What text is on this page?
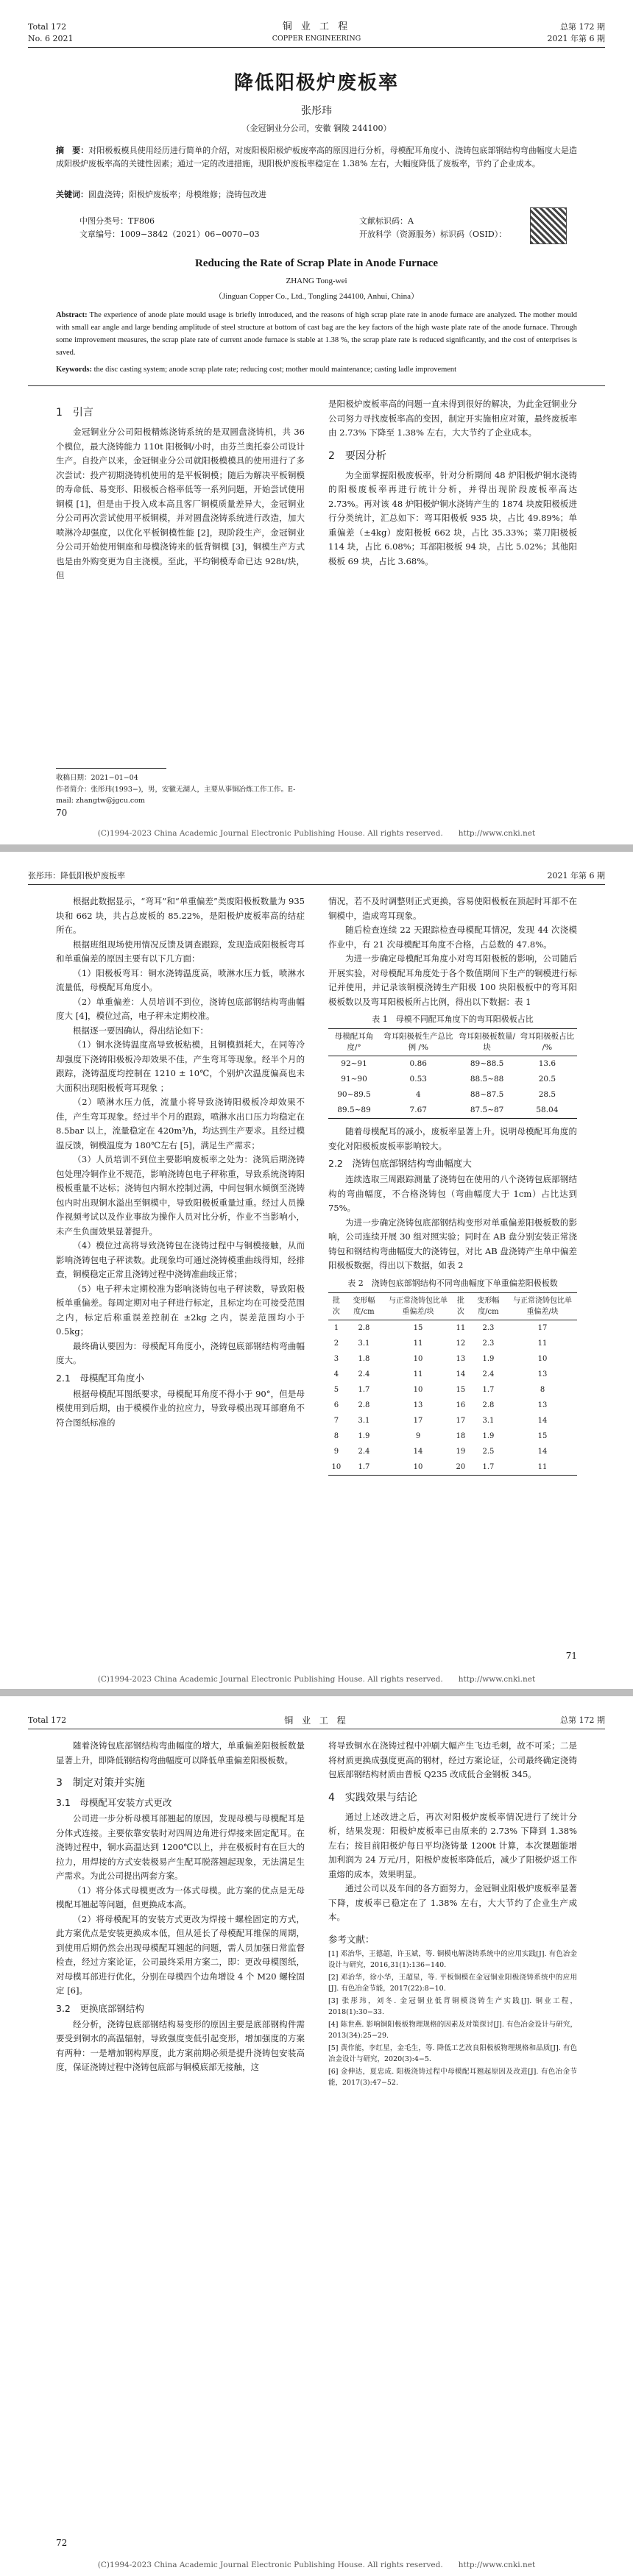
Total 172	铜 业 工 程	总第 172 期
No. 6 2021	COPPER ENGINEERING	2021 年第 6 期
降低阳极炉废板率
张彤玮
（金冠铜业分公司，安徽 铜陵 244100）
摘　要：对阳极板模具使用经历进行简单的介绍，对废阳极阳极炉板废率高的原因进行分析，母模配耳角度小、浇铸包底部钢结构弯曲幅度大是造成阳极炉废板率高的关键性因素；通过一定的改进措施，现阳极炉废板率稳定在 1.38% 左右，大幅度降低了废板率，节约了企业成本。
关键词：圆盘浇铸；阳极炉废板率；母模维修；浇铸包改进
中图分类号：TF806
文章编号：1009−3842（2021）06−0070−03
文献标识码：A
开放科学（资源服务）标识码（OSID）：
Reducing the Rate of Scrap Plate in Anode Furnace
ZHANG Tong-wei
（Jinguan Copper Co., Ltd., Tongling 244100, Anhui, China）
Abstract: The experience of anode plate mould usage is briefly introduced, and the reasons of high scrap plate rate in anode furnace are analyzed. The mother mould with small ear angle and large bending amplitude of steel structure at bottom of cast bag are the key factors of the high waste plate rate of the anode furnace. Through some improvement measures, the scrap plate rate of current anode furnace is stable at 1.38 %, the scrap plate rate is reduced significantly, and the cost of enterprises is saved.
Keywords: the disc casting system; anode scrap plate rate; reducing cost; mother mould maintenance; casting ladle improvement
1　引言

金冠铜业分公司阳极精炼浇铸系统的是双圆盘浇铸机，共 36 个模位，最大浇铸能力 110t 阳极铜/小时，由芬兰奥托泰公司设计生产。自投产以来，金冠铜业分公司就阳极模模具的使用进行了多次尝试：投产初期浇铸机使用的是平板铜模；随后为解决平板铜模的寿命低、易变形、阳极板合格率低等一系列问题，开始尝试使用铜模 [1]，但是由于投入成本高且客厂铜模质量差异大，金冠铜业分公司再次尝试使用平板铜模，并对圆盘浇铸系统进行改造，加大喷淋冷却强度，以优化平板铜模性能 [2]，现阶段生产，金冠铜业分公司开始使用铜座和母模浇铸来的低背铜模 [3]，铜模生产方式也是由外购变更为自主浇模。至此，平均铜模寿命已达 928t/块，但

是阳极炉废板率高的问题一直未得到很好的解决，为此金冠铜业分公司努力寻找废板率高的变因，制定开实施相应对策，最终废板率由 2.73% 下降至 1.38% 左右，大大节约了企业成本。

2　要因分析

为全面掌握阳极废板率，针对分析期间 48 炉阳极炉铜水浇铸的阳极废板率再进行统计分析，并得出现阶段废板率高达 2.73%。再对该 48 炉阳极炉铜水浇铸产生的 1874 块废阳极板进行分类统计，汇总如下：弯耳阳极板 935 块，占比 49.89%；单重偏差（±4kg）废阳极板 662 块，占比 35.33%；菜刀阳极板 114 块，占比 6.08%；耳部阳极板 94 块，占比 5.02%；其他阳极板 69 块，占比 3.68%。

收稿日期：2021−01−04
作者简介：张彤玮(1993−)，男，安徽无湖人，主要从事铜冶炼工作工作。E-mail: zhangtw@jgcu.com
70
(C)1994-2023 China Academic Journal Electronic Publishing House. All rights reserved.　　http://www.cnki.net
张彤玮：降低阳极炉废板率	2021 年第 6 期

根据此数据显示，“弯耳”和“单重偏差”类废阳极板数量为 935 块和 662 块，共占总废板的 85.22%，是阳极炉废板率高的结症所在。

根据班组现场使用情况反馈及调查跟踪，发现造成阳极板弯耳和单重偏差的原因主要有以下几方面：

（1）阳极板弯耳：铜水浇铸温度高，喷淋水压力低，喷淋水流量低，母模配耳角度小。

（2）单重偏差：人员培训不到位，浇铸包底部钢结构弯曲幅度大 [4]，模位过高，电子秤未定期校准。

根据逐一要因确认，得出结论如下：

（1）铜水浇铸温度高导致板粘模，且铜模损耗大，在同等冷却强度下浇铸阳极板冷却效果不佳，产生弯耳等现象。经半个月的跟踪，浇铸温度均控制在 1210 ± 10℃，个别炉次温度偏高也未大面积出现阳极板弯耳现象 ；

（2）喷淋水压力低，流量小将导致浇铸阳极板冷却效果不佳，产生弯耳现象。经过半个月的跟踪，喷淋水出口压力均稳定在 8.5bar 以上，流量稳定在 420m³/h，均达到生产要求。且经过模温反馈，铜模温度为 180℃左右 [5]，满足生产需求；

（3）人员培训不到位主要影响废板率之处为：浇筑后期浇铸包处理冷铜作业不规范，影响浇铸包电子秤称重，导致系统浇铸阳极板重量不达标；浇铸包内铜水控制过满，中间包铜水倾倒至浇铸包内时出现铜水溢出至铜模中，导致阳极板重量过重。经过人员操作视频考试以及作业事故为操作人员对比分析，作业不当影响小，未产生负面效果显著提升。

（4）模位过高将导致浇铸包在浇铸过程中与铜模接触，从而影响浇铸包电子秤读数。此现象均可通过浇铸模重曲线得知，经排查，铜模稳定正常且浇铸过程中浇铸准曲线正常；

（5）电子秤未定期校准为影响浇铸包电子秤读数，导致阳极板单重偏差。每周定期对电子秤进行标定，且标定均在可接受范围之内，标定后称重误差控制在 ±2kg 之内，误差范围均小于 0.5kg；

最终确认要因为：母模配耳角度小，浇铸包底部钢结构弯曲幅度大。

2.1　母模配耳角度小

根据母模配耳图纸要求，母模配耳角度不得小于 90°，但是母模使用到后期，由于模模作业的拉应力，导致母模出现耳部磨角不符合图纸标准的

情况，若不及时调整则正式更换，容易使阳极板在顶起时耳部不在铜模中，造成弯耳现象。

随后检查连续 22 天跟踪检查母模配耳情况，发现 44 次浇模作业中，有 21 次母模配耳角度不合格，占总数的 47.8%。

为进一步确定母模配耳角度小对弯耳阳极板的影响，公司随后开展实验，对母模配耳角度处于各个数值期间下生产的铜模进行标记并使用，并记录该铜模浇铸生产阳极 100 块阳极板中的弯耳阳极板数以及弯耳阳极板所占比例，得出以下数据：表 1

表 1　母模不同配耳角度下的弯耳阳极板占比
母模配耳角度/°	弯耳阳极板生产总比例 /%	弯耳阳极板数量/块	弯耳阳极板占比 /%
92~91	0.86	89~88.5	13.6
91~90	0.53	88.5~88	20.5
90~89.5	4	88~87.5	28.5
89.5~89	7.67	87.5~87	58.04

随着母模配耳的减小，废板率显著上升。说明母模配耳角度的变化对阳极板废板率影响较大。

2.2　浇铸包底部钢结构弯曲幅度大

连续选取三周跟踪测量了浇铸包在使用的八个浇铸包底部钢结构的弯曲幅度，不合格浇铸包（弯曲幅度大于 1cm）占比达到 75%。

为进一步确定浇铸包底部钢结构变形对单重偏差阳极板数的影响，公司连续开展 30 组对照实验；同时在 AB 盘分别安装正常浇铸包和钢结构弯曲幅度大的浇铸包，对比 AB 盘浇铸产生单中偏差阳极板数据，得出以下数据，如表 2

表 2　浇铸包底部钢结构不同弯曲幅度下单重偏差阳极板数
批次	变形幅度/cm	与正常浇铸包比单重偏差/块	批次	变形幅度/cm	与正常浇铸包比单重偏差/块
1	2.8	15	11	2.3	17
2	3.1	11	12	2.3	11
3	1.8	10	13	1.9	10
4	2.4	11	14	2.4	13
5	1.7	10	15	1.7	8
6	2.8	13	16	2.8	13
7	3.1	17	17	3.1	14
8	1.9	9	18	1.9	15
9	2.4	14	19	2.5	14
10	1.7	10	20	1.7	11
71
(C)1994-2023 China Academic Journal Electronic Publishing House. All rights reserved.　　http://www.cnki.net
Total 172	铜 业 工 程	总第 172 期

随着浇铸包底部钢结构弯曲幅度的增大，单重偏差阳极板数量显著上升，即降低钢结构弯曲幅度可以降低单重偏差阳极板数。

3　制定对策并实施
3.1　母模配耳安装方式更改

公司进一步分析母模耳部翘起的原因，发现母模与母模配耳是分体式连接。主要依靠安装时对四周边角进行焊接来固定配耳。在浇铸过程中，铜水高温达到 1200℃以上，并在极板时有在巨大的拉力，用焊接的方式安装极易产生配耳脱落翘起现象，无法满足生产需求。为此公司提出两套方案。

（1）将分体式母模更改为一体式母模。此方案的优点是无母模配耳翘起等问题，但更换成本高。

（2）将母模配耳的安装方式更改为焊接＋螺栓固定的方式，此方案优点是安装更换成本低，但从延长了母模配耳维保的周期，到使用后期仍然会出现母模配耳翘起的问题，需人员加强日常监督检查，经过方案论证，公司最终采用方案二，即：更改母模图纸，对母模耳部进行优化，分别在母模四个边角增设 4 个 M20 螺栓固定 [6]。

3.2　更换底部钢结构

经分析，浇铸包底部钢结构易变形的原因主要是底部钢构件需要受到铜水的高温辐射，导致强度变低引起变形，增加强度的方案有两种：一是增加钢构厚度，此方案前期必须是提升浇铸包安装高度，保证浇铸过程中浇铸包底部与铜模底部无接触，这

将导致铜水在浇铸过程中冲刷大幅产生飞边毛刺，故不可采；二是将材质更换成强度更高的钢材，经过方案论证，公司最终确定浇铸包底部钢结构材质由普板 Q235 改成低合金钢板 345。

4　实践效果与结论

通过上述改进之后，再次对阳极炉废板率情况进行了统计分析，结果发现：阳极炉废板率已由原来的 2.73% 下降到 1.38% 左右；按目前阳极炉每日平均浇铸量 1200t 计算，本次课题能增加利润为 24 万元/月，阳极炉废板率降低后，减少了阳极炉返工作重熔的成本，效果明显。

通过公司以及车间的各方面努力，金冠铜业阳极炉废板率显著下降，废板率已稳定在了 1.38% 左右，大大节约了企业生产成本。

参考文献：
[1] 邓治华，王德超，许玉斌，等. 铜模电解浇铸系统中的应用实践[J]. 有色冶金设计与研究，2016,31(1):136−140.
[2] 邓治华，徐小华，王超星，等. 平板铜模在金冠铜业阳极浇铸系统中的应用[J]. 有色冶金节能，2017(22):8−10.
[3] 张彤玮，刘冬. 金冠铜业低背铜模浇铸生产实践[J]. 铜业工程，2018(1):30−33.
[4] 陈世燕. 影响铜阳极板物理规格的因素及对策探讨[J]. 有色冶金设计与研究，2013(34):25−29.
[5] 黄作能，李红星，金毛生，等. 降低工艺改良阳极板物理规格和品质[J]. 有色冶金设计与研究，2020(3):4−5.
[6] 金伸达，夏忠成. 阳极浇铸过程中母模配耳翘起原因及改进[J]. 有色冶金节能，2017(3):47−52.
72
(C)1994-2023 China Academic Journal Electronic Publishing House. All rights reserved.　　http://www.cnki.net
